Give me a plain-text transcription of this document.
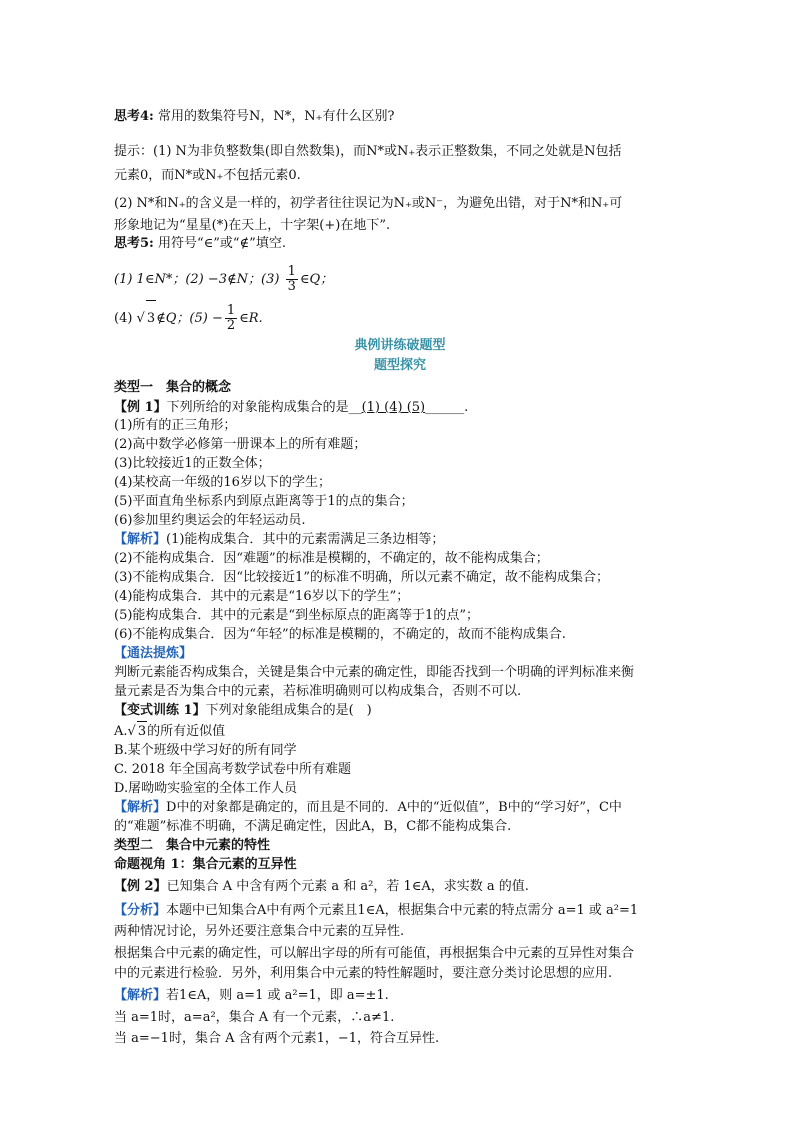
思考4: 常用的数集符号N，N*，N₊有什么区别?
提示：(1) N为非负整数集(即自然数集)，而N*或N₊表示正整数集，不同之处就是N包括
元素0，而N*或N₊不包括元素0.
(2) N*和N₊的含义是一样的，初学者往往误记为N₊或N⁻，为避免出错，对于N*和N₊可
形象地记为“星星(*)在天上，十字架(+)在地下”.
思考5: 用符号“∈”或“∉”填空.
(1) 1∈N*；(2) −3∉N；$(3) \frac{1}{3}$ ∈Q；
(4) √ 3∉Q；$(5) - \frac{1}{2}$ ∈R.
典例讲练破题型
题型探究
类型一　集合的概念
【例 1】下列所给的对象能构成集合的是__(1) (4) (5)______.
(1)所有的正三角形；
(2)高中数学必修第一册课本上的所有难题；
(3)比较接近1的正数全体；
(4)某校高一年级的16岁以下的学生；
(5)平面直角坐标系内到原点距离等于1的点的集合；
(6)参加里约奥运会的年轻运动员.
【解析】(1)能构成集合．其中的元素需满足三条边相等；
(2)不能构成集合．因“难题”的标准是模糊的，不确定的，故不能构成集合；
(3)不能构成集合．因“比较接近1”的标准不明确，所以元素不确定，故不能构成集合；
(4)能构成集合．其中的元素是“16岁以下的学生”；
(5)能构成集合．其中的元素是“到坐标原点的距离等于1的点”；
(6)不能构成集合．因为“年轻”的标准是模糊的，不确定的，故而不能构成集合.
【通法提炼】
判断元素能否构成集合，关键是集合中元素的确定性，即能否找到一个明确的评判标准来衡
量元素是否为集合中的元素，若标准明确则可以构成集合，否则不可以.
【变式训练 1】下列对象能组成集合的是(　)
A.√ 3的所有近似值
B.某个班级中学习好的所有同学
C. 2018 年全国高考数学试卷中所有难题
D.屠呦呦实验室的全体工作人员
【解析】D中的对象都是确定的，而且是不同的．A中的“近似值”，B中的“学习好”，C中
的“难题”标准不明确，不满足确定性，因此A，B，C都不能构成集合.
类型二　集合中元素的特性
命题视角 1：集合元素的互异性
【例 2】已知集合 A 中含有两个元素 a 和 a²，若 1∈A，求实数 a 的值.
【分析】本题中已知集合A中有两个元素且1∈A，根据集合中元素的特点需分 a=1 或 a²=1
两种情况讨论，另外还要注意集合中元素的互异性.
根据集合中元素的确定性，可以解出字母的所有可能值，再根据集合中元素的互异性对集合
中的元素进行检验．另外，利用集合中元素的特性解题时，要注意分类讨论思想的应用.
【解析】若1∈A，则 a=1 或 a²=1，即 a=±1.
当 a=1时，a=a²，集合 A 有一个元素，∴a≠1.
当 a=−1时，集合 A 含有两个元素1，−1，符合互异性.
